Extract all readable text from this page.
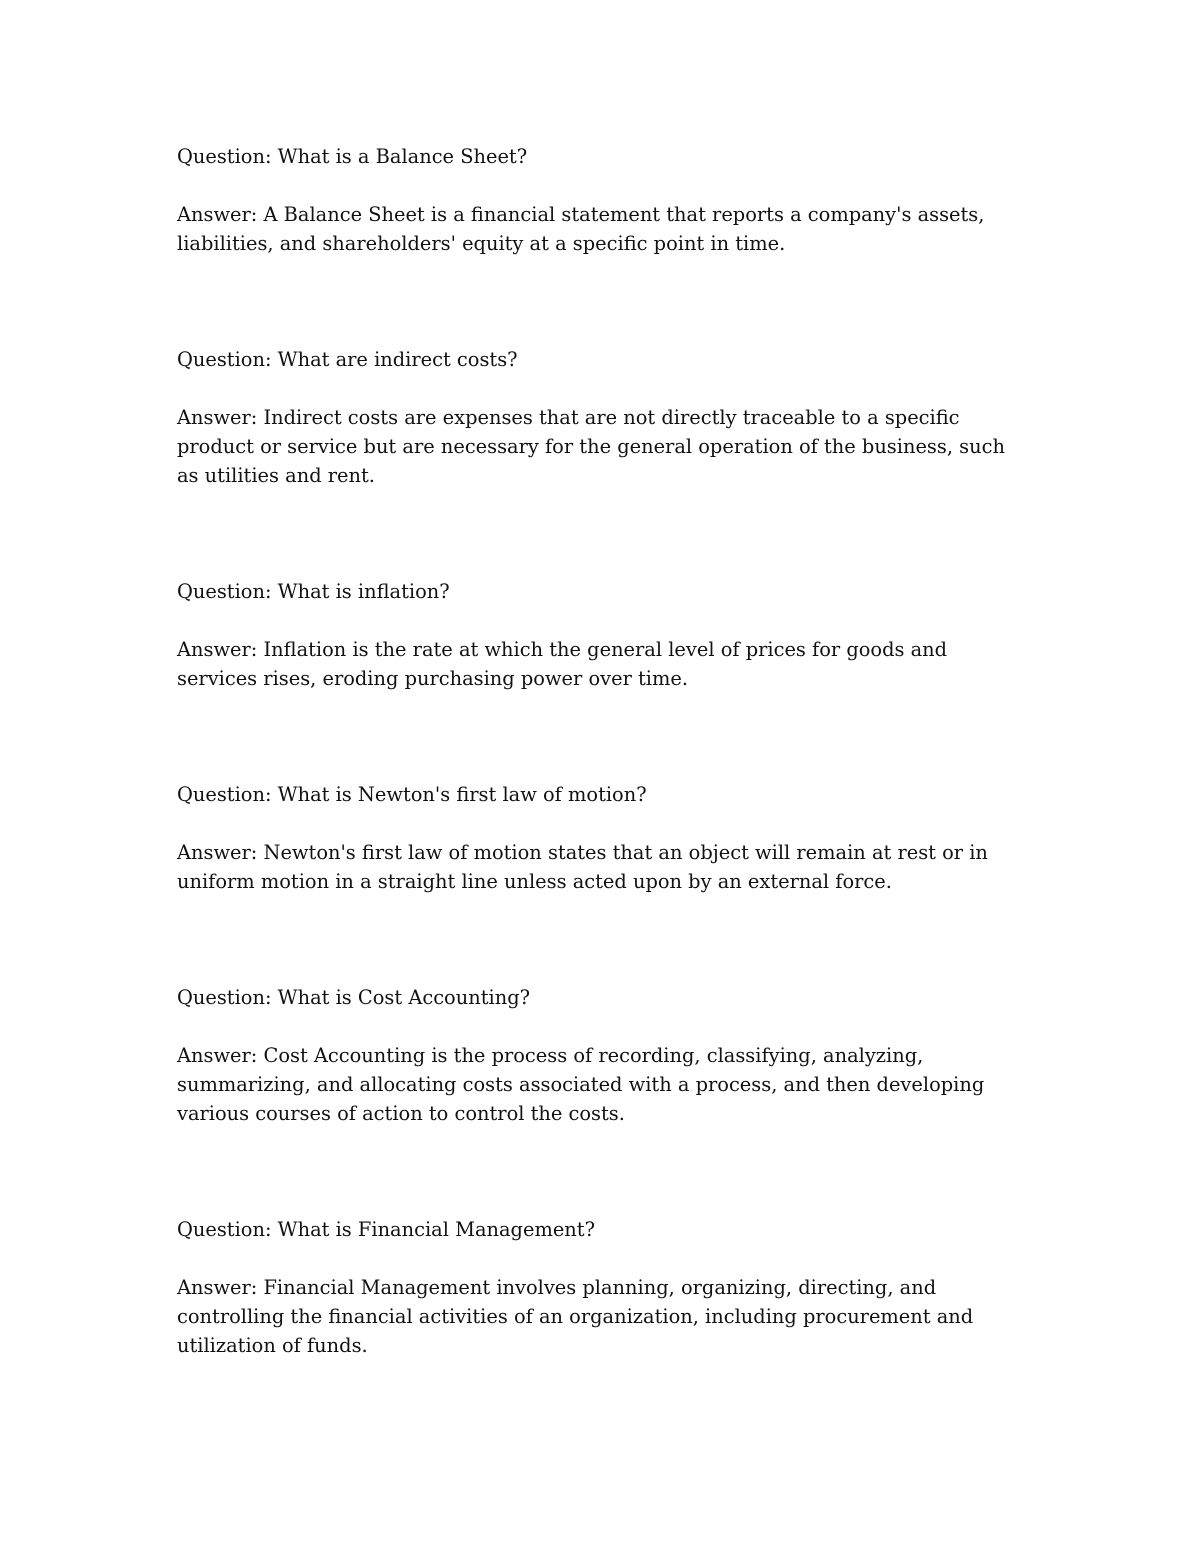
Question: What is a Balance Sheet?

Answer: A Balance Sheet is a financial statement that reports a company's assets, liabilities, and shareholders' equity at a specific point in time.

Question: What are indirect costs?

Answer: Indirect costs are expenses that are not directly traceable to a specific product or service but are necessary for the general operation of the business, such as utilities and rent.

Question: What is inflation?

Answer: Inflation is the rate at which the general level of prices for goods and services rises, eroding purchasing power over time.

Question: What is Newton's first law of motion?

Answer: Newton's first law of motion states that an object will remain at rest or in uniform motion in a straight line unless acted upon by an external force.

Question: What is Cost Accounting?

Answer: Cost Accounting is the process of recording, classifying, analyzing, summarizing, and allocating costs associated with a process, and then developing various courses of action to control the costs.

Question: What is Financial Management?

Answer: Financial Management involves planning, organizing, directing, and controlling the financial activities of an organization, including procurement and utilization of funds.
